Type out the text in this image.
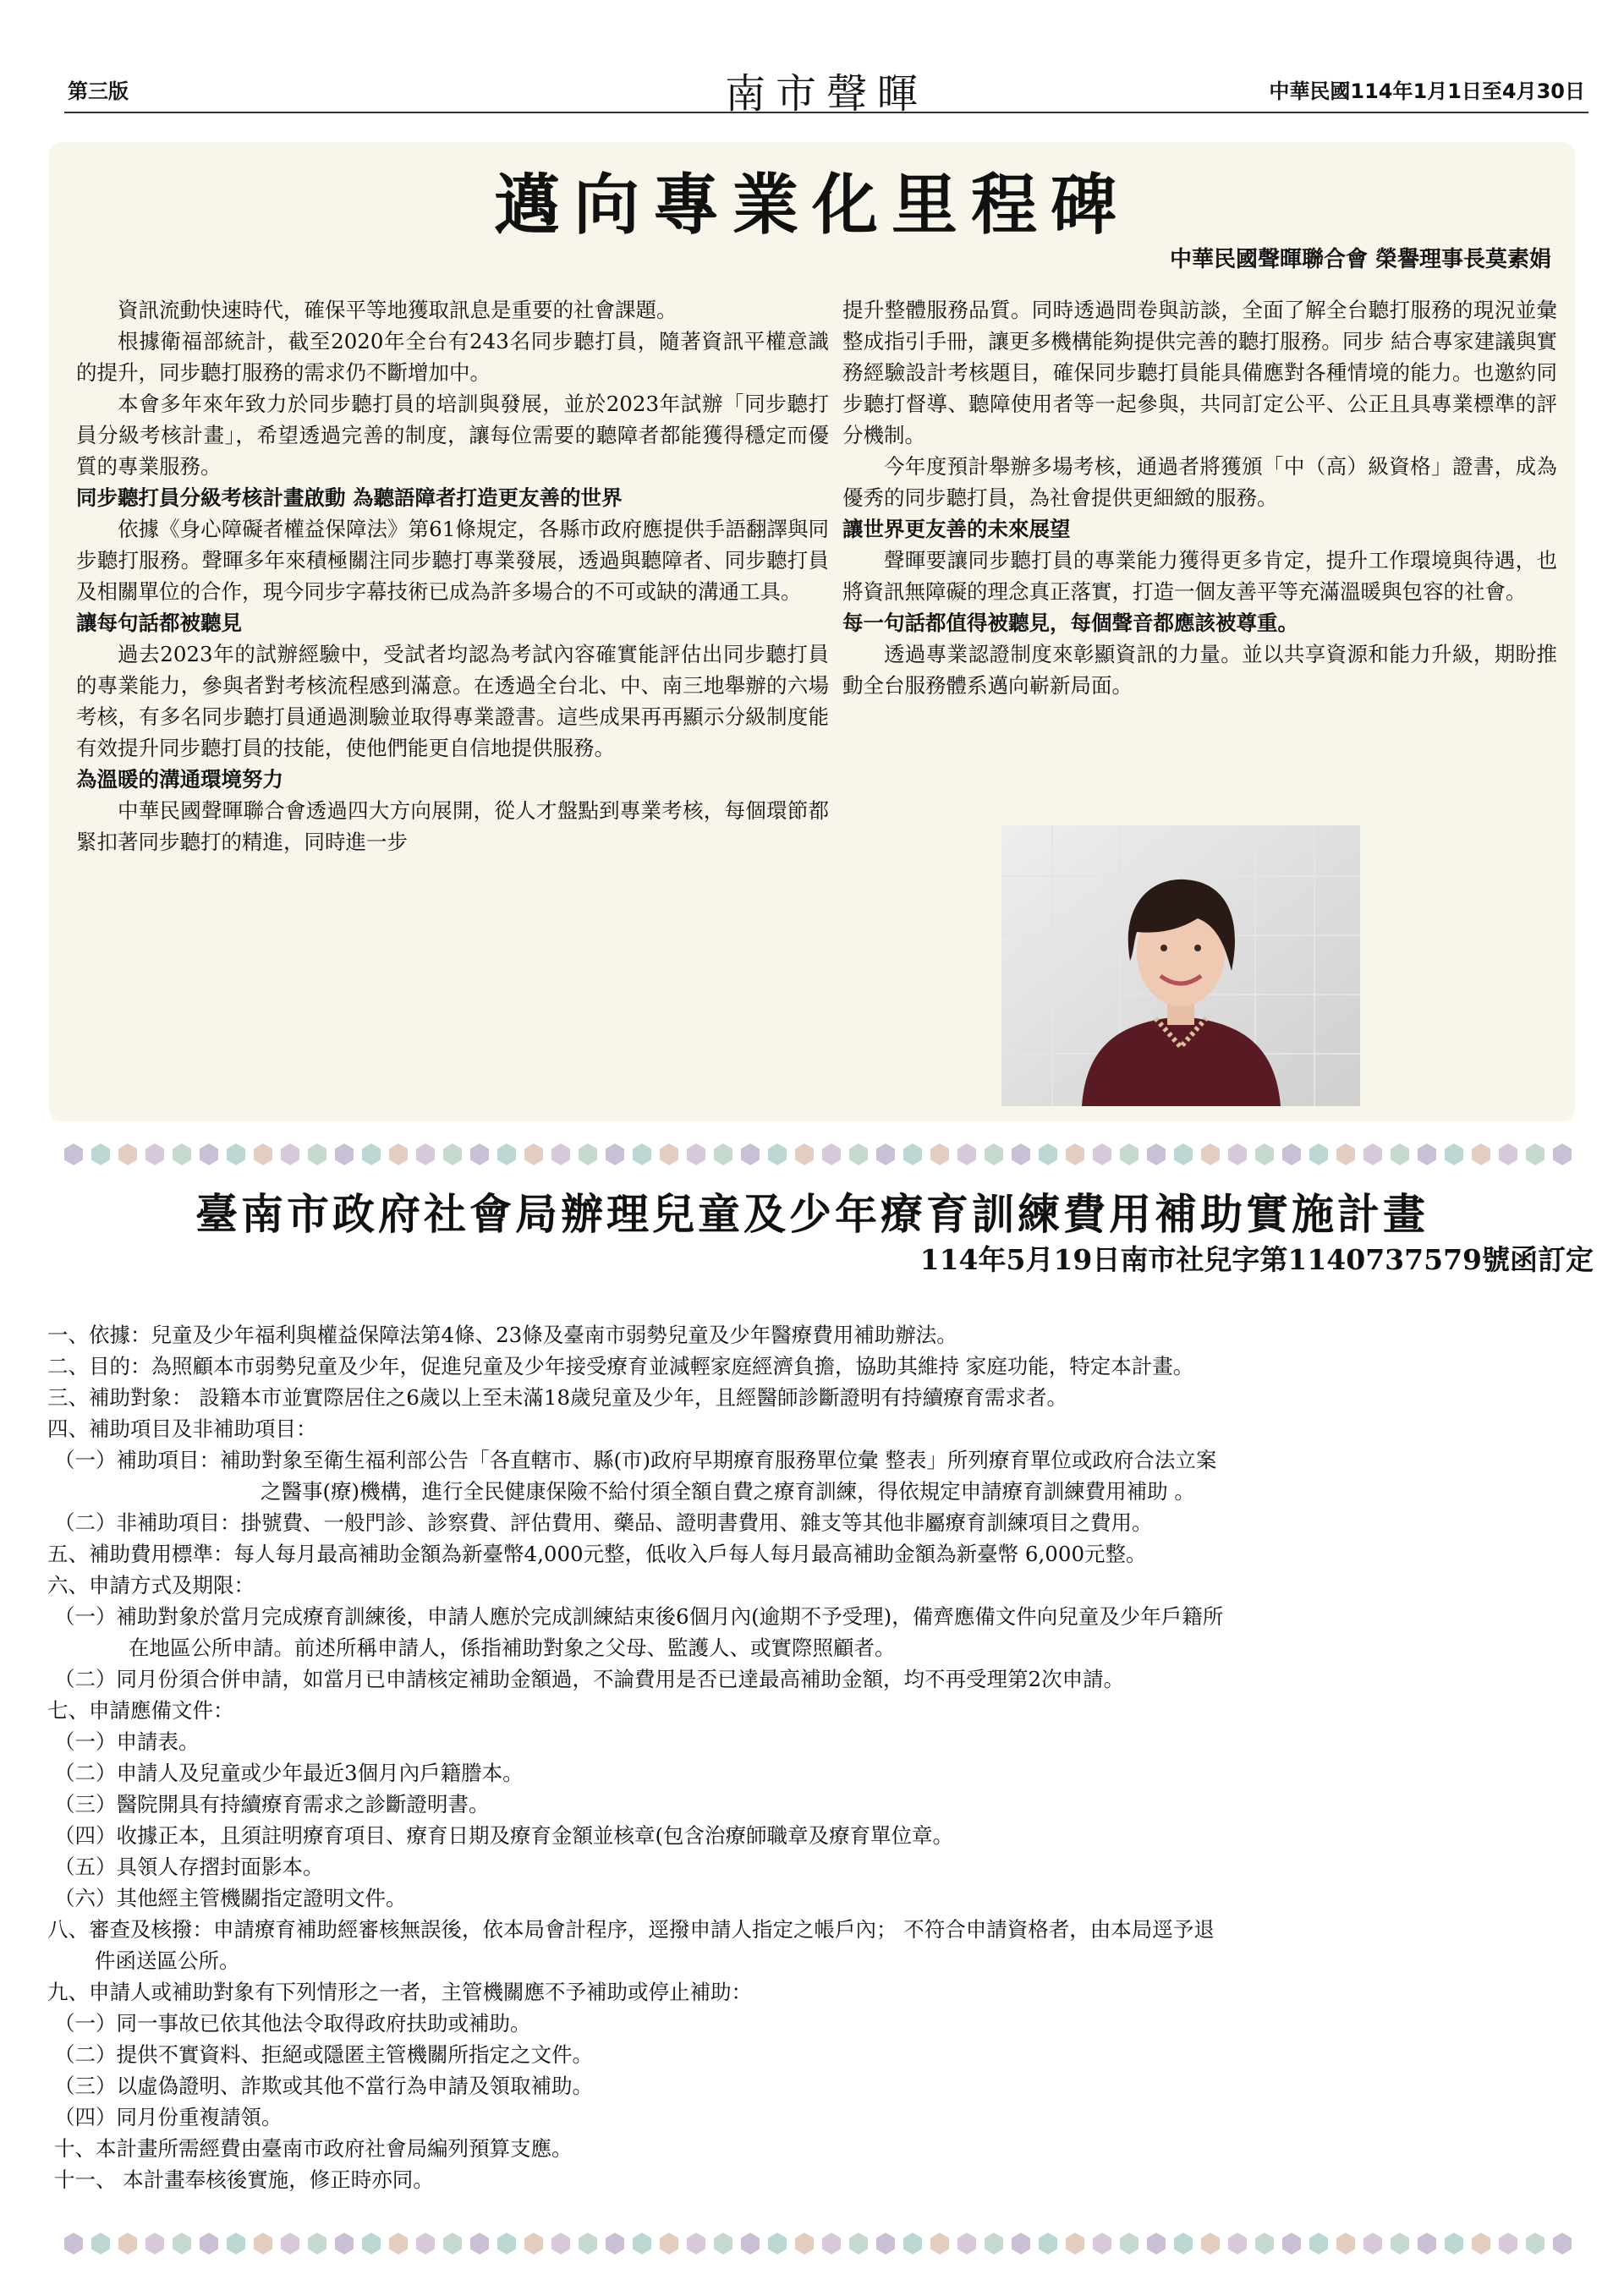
第三版	南市聲暉	中華民國114年1月1日至4月30日
邁向專業化里程碑
中華民國聲暉聯合會 榮譽理事長莫素娟

資訊流動快速時代，確保平等地獲取訊息是重要的社會課題。

根據衛福部統計，截至2020年全台有243名同步聽打員，隨著資訊平權意識的提升，同步聽打服務的需求仍不斷增加中。

本會多年來年致力於同步聽打員的培訓與發展，並於2023年試辦「同步聽打員分級考核計畫」，希望透過完善的制度，讓每位需要的聽障者都能獲得穩定而優質的專業服務。

同步聽打員分級考核計畫啟動 為聽語障者打造更友善的世界

依據《身心障礙者權益保障法》第61條規定，各縣市政府應提供手語翻譯與同步聽打服務。聲暉多年來積極關注同步聽打專業發展，透過與聽障者、同步聽打員及相關單位的合作，現今同步字幕技術已成為許多場合的不可或缺的溝通工具。

讓每句話都被聽見

過去2023年的試辦經驗中，受試者均認為考試內容確實能評估出同步聽打員的專業能力，參與者對考核流程感到滿意。在透過全台北、中、南三地舉辦的六場考核，有多名同步聽打員通過測驗並取得專業證書。這些成果再再顯示分級制度能有效提升同步聽打員的技能，使他們能更自信地提供服務。

為溫暖的溝通環境努力

中華民國聲暉聯合會透過四大方向展開，從人才盤點到專業考核，每個環節都緊扣著同步聽打的精進，同時進一步

提升整體服務品質。同時透過問卷與訪談，全面了解全台聽打服務的現況並彙整成指引手冊，讓更多機構能夠提供完善的聽打服務。同步 結合專家建議與實務經驗設計考核題目，確保同步聽打員能具備應對各種情境的能力。也邀約同步聽打督導、聽障使用者等一起參與，共同訂定公平、公正且具專業標準的評分機制。

今年度預計舉辦多場考核，通過者將獲頒「中（高）級資格」證書，成為優秀的同步聽打員，為社會提供更細緻的服務。

讓世界更友善的未來展望

聲暉要讓同步聽打員的專業能力獲得更多肯定，提升工作環境與待遇，也將資訊無障礙的理念真正落實，打造一個友善平等充滿溫暖與包容的社會。

每一句話都值得被聽見，每個聲音都應該被尊重。

透過專業認證制度來彰顯資訊的力量。並以共享資源和能力升級，期盼推動全台服務體系邁向嶄新局面。

臺南市政府社會局辦理兒童及少年療育訓練費用補助實施計畫
114年5月19日南市社兒字第1140737579號函訂定
一、依據：兒童及少年福利與權益保障法第4條、23條及臺南市弱勢兒童及少年醫療費用補助辦法。
二、目的：為照顧本市弱勢兒童及少年，促進兒童及少年接受療育並減輕家庭經濟負擔，協助其維持 家庭功能，特定本計畫。
三、補助對象： 設籍本市並實際居住之6歲以上至未滿18歲兒童及少年，且經醫師診斷證明有持續療育需求者。
四、補助項目及非補助項目：
（一）補助項目：補助對象至衛生福利部公告「各直轄市、縣(市)政府早期療育服務單位彙 整表」所列療育單位或政府合法立案
之醫事(療)機構，進行全民健康保險不給付須全額自費之療育訓練，得依規定申請療育訓練費用補助 。
（二）非補助項目：掛號費、一般門診、診察費、評估費用、藥品、證明書費用、雜支等其他非屬療育訓練項目之費用。
五、補助費用標準：每人每月最高補助金額為新臺幣4,000元整，低收入戶每人每月最高補助金額為新臺幣 6,000元整。
六、申請方式及期限：
（一）補助對象於當月完成療育訓練後，申請人應於完成訓練結束後6個月內(逾期不予受理)，備齊應備文件向兒童及少年戶籍所
在地區公所申請。前述所稱申請人，係指補助對象之父母、監護人、或實際照顧者。
（二）同月份須合併申請，如當月已申請核定補助金額過，不論費用是否已達最高補助金額，均不再受理第2次申請。
七、申請應備文件：
（一）申請表。
（二）申請人及兒童或少年最近3個月內戶籍謄本。
（三）醫院開具有持續療育需求之診斷證明書。
（四）收據正本，且須註明療育項目、療育日期及療育金額並核章(包含治療師職章及療育單位章。
（五）具領人存摺封面影本。
（六）其他經主管機關指定證明文件。
八、審查及核撥：申請療育補助經審核無誤後，依本局會計程序，逕撥申請人指定之帳戶內； 不符合申請資格者，由本局逕予退
件函送區公所。
九、申請人或補助對象有下列情形之一者，主管機關應不予補助或停止補助：
（一）同一事故已依其他法令取得政府扶助或補助。
（二）提供不實資料、拒絕或隱匿主管機關所指定之文件。
（三）以虛偽證明、詐欺或其他不當行為申請及領取補助。
（四）同月份重複請領。
十、本計畫所需經費由臺南市政府社會局編列預算支應。
十一、 本計畫奉核後實施，修正時亦同。
